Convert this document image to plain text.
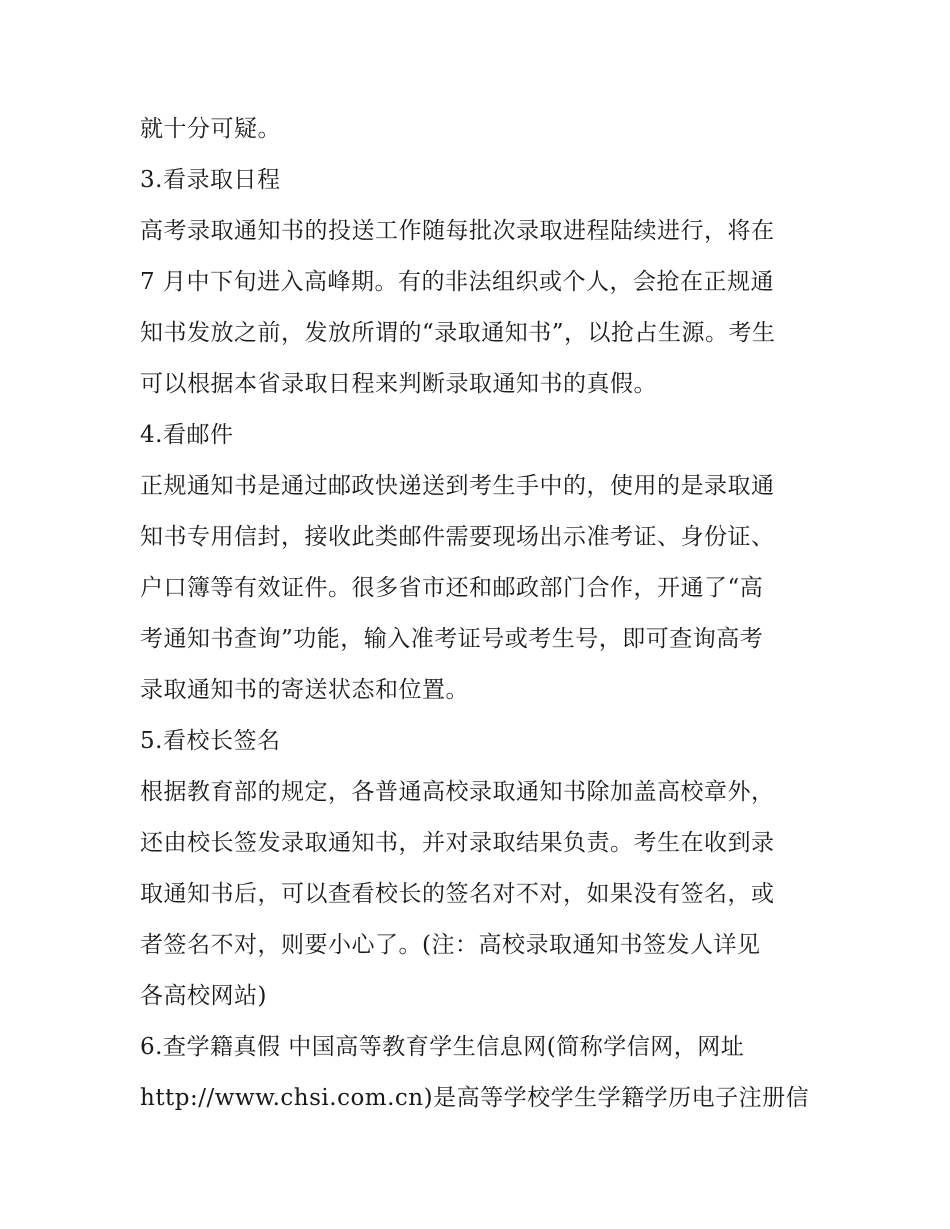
就十分可疑。
3.看录取日程
高考录取通知书的投送工作随每批次录取进程陆续进行，将在
7 月中下旬进入高峰期。有的非法组织或个人，会抢在正规通
知书发放之前，发放所谓的“录取通知书”，以抢占生源。考生
可以根据本省录取日程来判断录取通知书的真假。
4.看邮件
正规通知书是通过邮政快递送到考生手中的，使用的是录取通
知书专用信封，接收此类邮件需要现场出示准考证、身份证、
户口簿等有效证件。很多省市还和邮政部门合作，开通了“高
考通知书查询”功能，输入准考证号或考生号，即可查询高考
录取通知书的寄送状态和位置。
5.看校长签名
根据教育部的规定，各普通高校录取通知书除加盖高校章外，
还由校长签发录取通知书，并对录取结果负责。考生在收到录
取通知书后，可以查看校长的签名对不对，如果没有签名，或
者签名不对，则要小心了。(注：高校录取通知书签发人详见
各高校网站)
6.查学籍真假 中国高等教育学生信息网(简称学信网，网址
http://www.chsi.com.cn)是高等学校学生学籍学历电子注册信
